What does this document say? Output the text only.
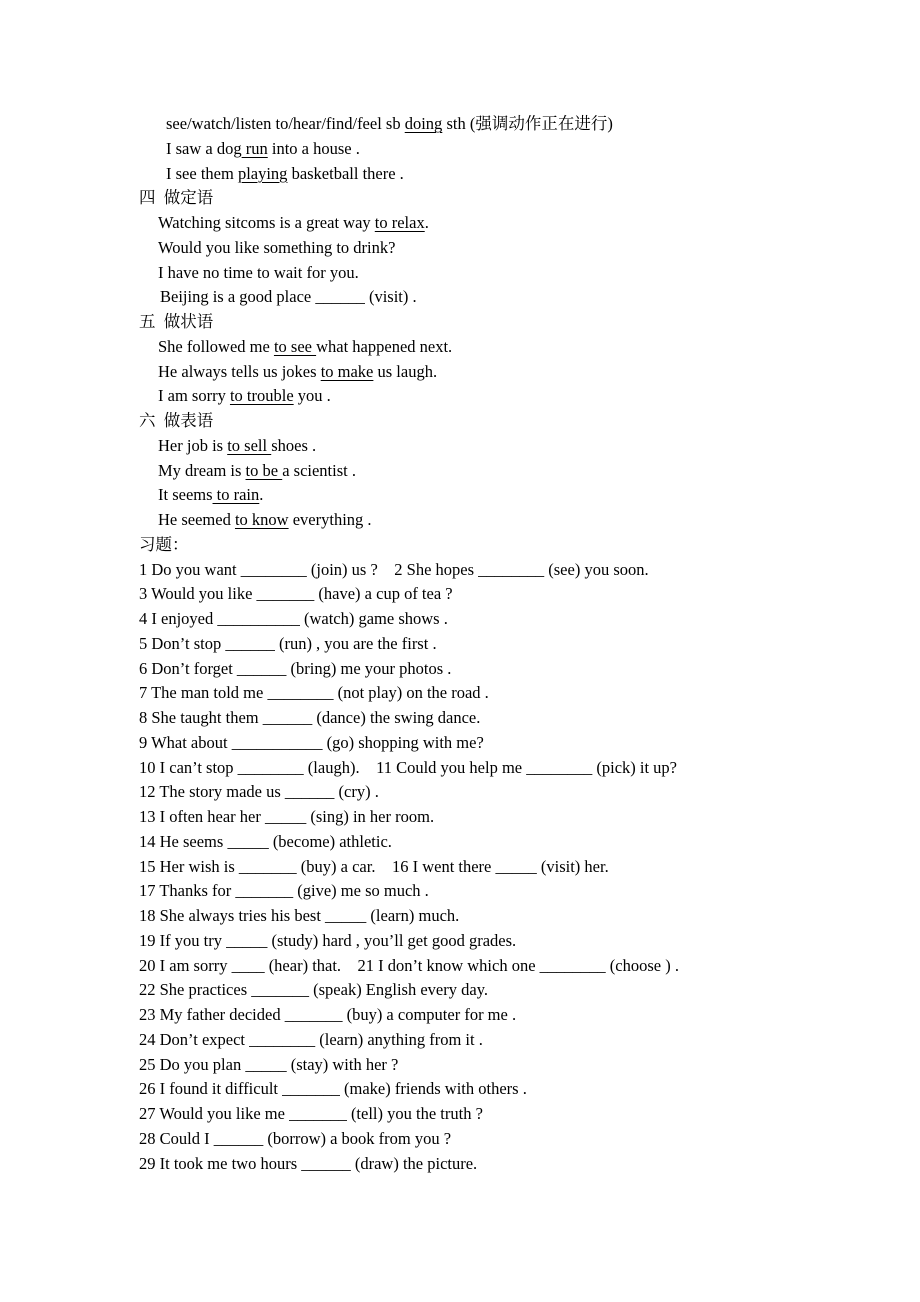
see/watch/listen to/hear/find/feel sb doing sth (强调动作正在进行)
I saw a dog run into a house .
I see them playing basketball there .
四  做定语
Watching sitcoms is a great way to relax.
Would you like something to drink?
I have no time to wait for you.
Beijing is a good place ______ (visit) .
五  做状语
She followed me to see what happened next.
He always tells us jokes to make us laugh.
I am sorry to trouble you .
六  做表语
Her job is to sell shoes .
My dream is to be a scientist .
It seems to rain.
He seemed to know everything .
习题：
1 Do you want ________ (join) us ?    2 She hopes ________ (see) you soon.
3 Would you like _______ (have) a cup of tea ?
4 I enjoyed __________ (watch) game shows .
5 Don’t stop ______ (run) , you are the first .
6 Don’t forget ______ (bring) me your photos .
7 The man told me ________ (not play) on the road .
8 She taught them ______ (dance) the swing dance.
9 What about ___________ (go) shopping with me?
10 I can’t stop ________ (laugh).    11 Could you help me ________ (pick) it up?
12 The story made us ______ (cry) .
13 I often hear her _____ (sing) in her room.
14 He seems _____ (become) athletic.
15 Her wish is _______ (buy) a car.    16 I went there _____ (visit) her.
17 Thanks for _______ (give) me so much .
18 She always tries his best _____ (learn) much.
19 If you try _____ (study) hard , you’ll get good grades.
20 I am sorry ____ (hear) that.    21 I don’t know which one ________ (choose ) .
22 She practices _______ (speak) English every day.
23 My father decided _______ (buy) a computer for me .
24 Don’t expect ________ (learn) anything from it .
25 Do you plan _____ (stay) with her ?
26 I found it difficult _______ (make) friends with others .
27 Would you like me _______ (tell) you the truth ?
28 Could I ______ (borrow) a book from you ?
29 It took me two hours ______ (draw) the picture.
